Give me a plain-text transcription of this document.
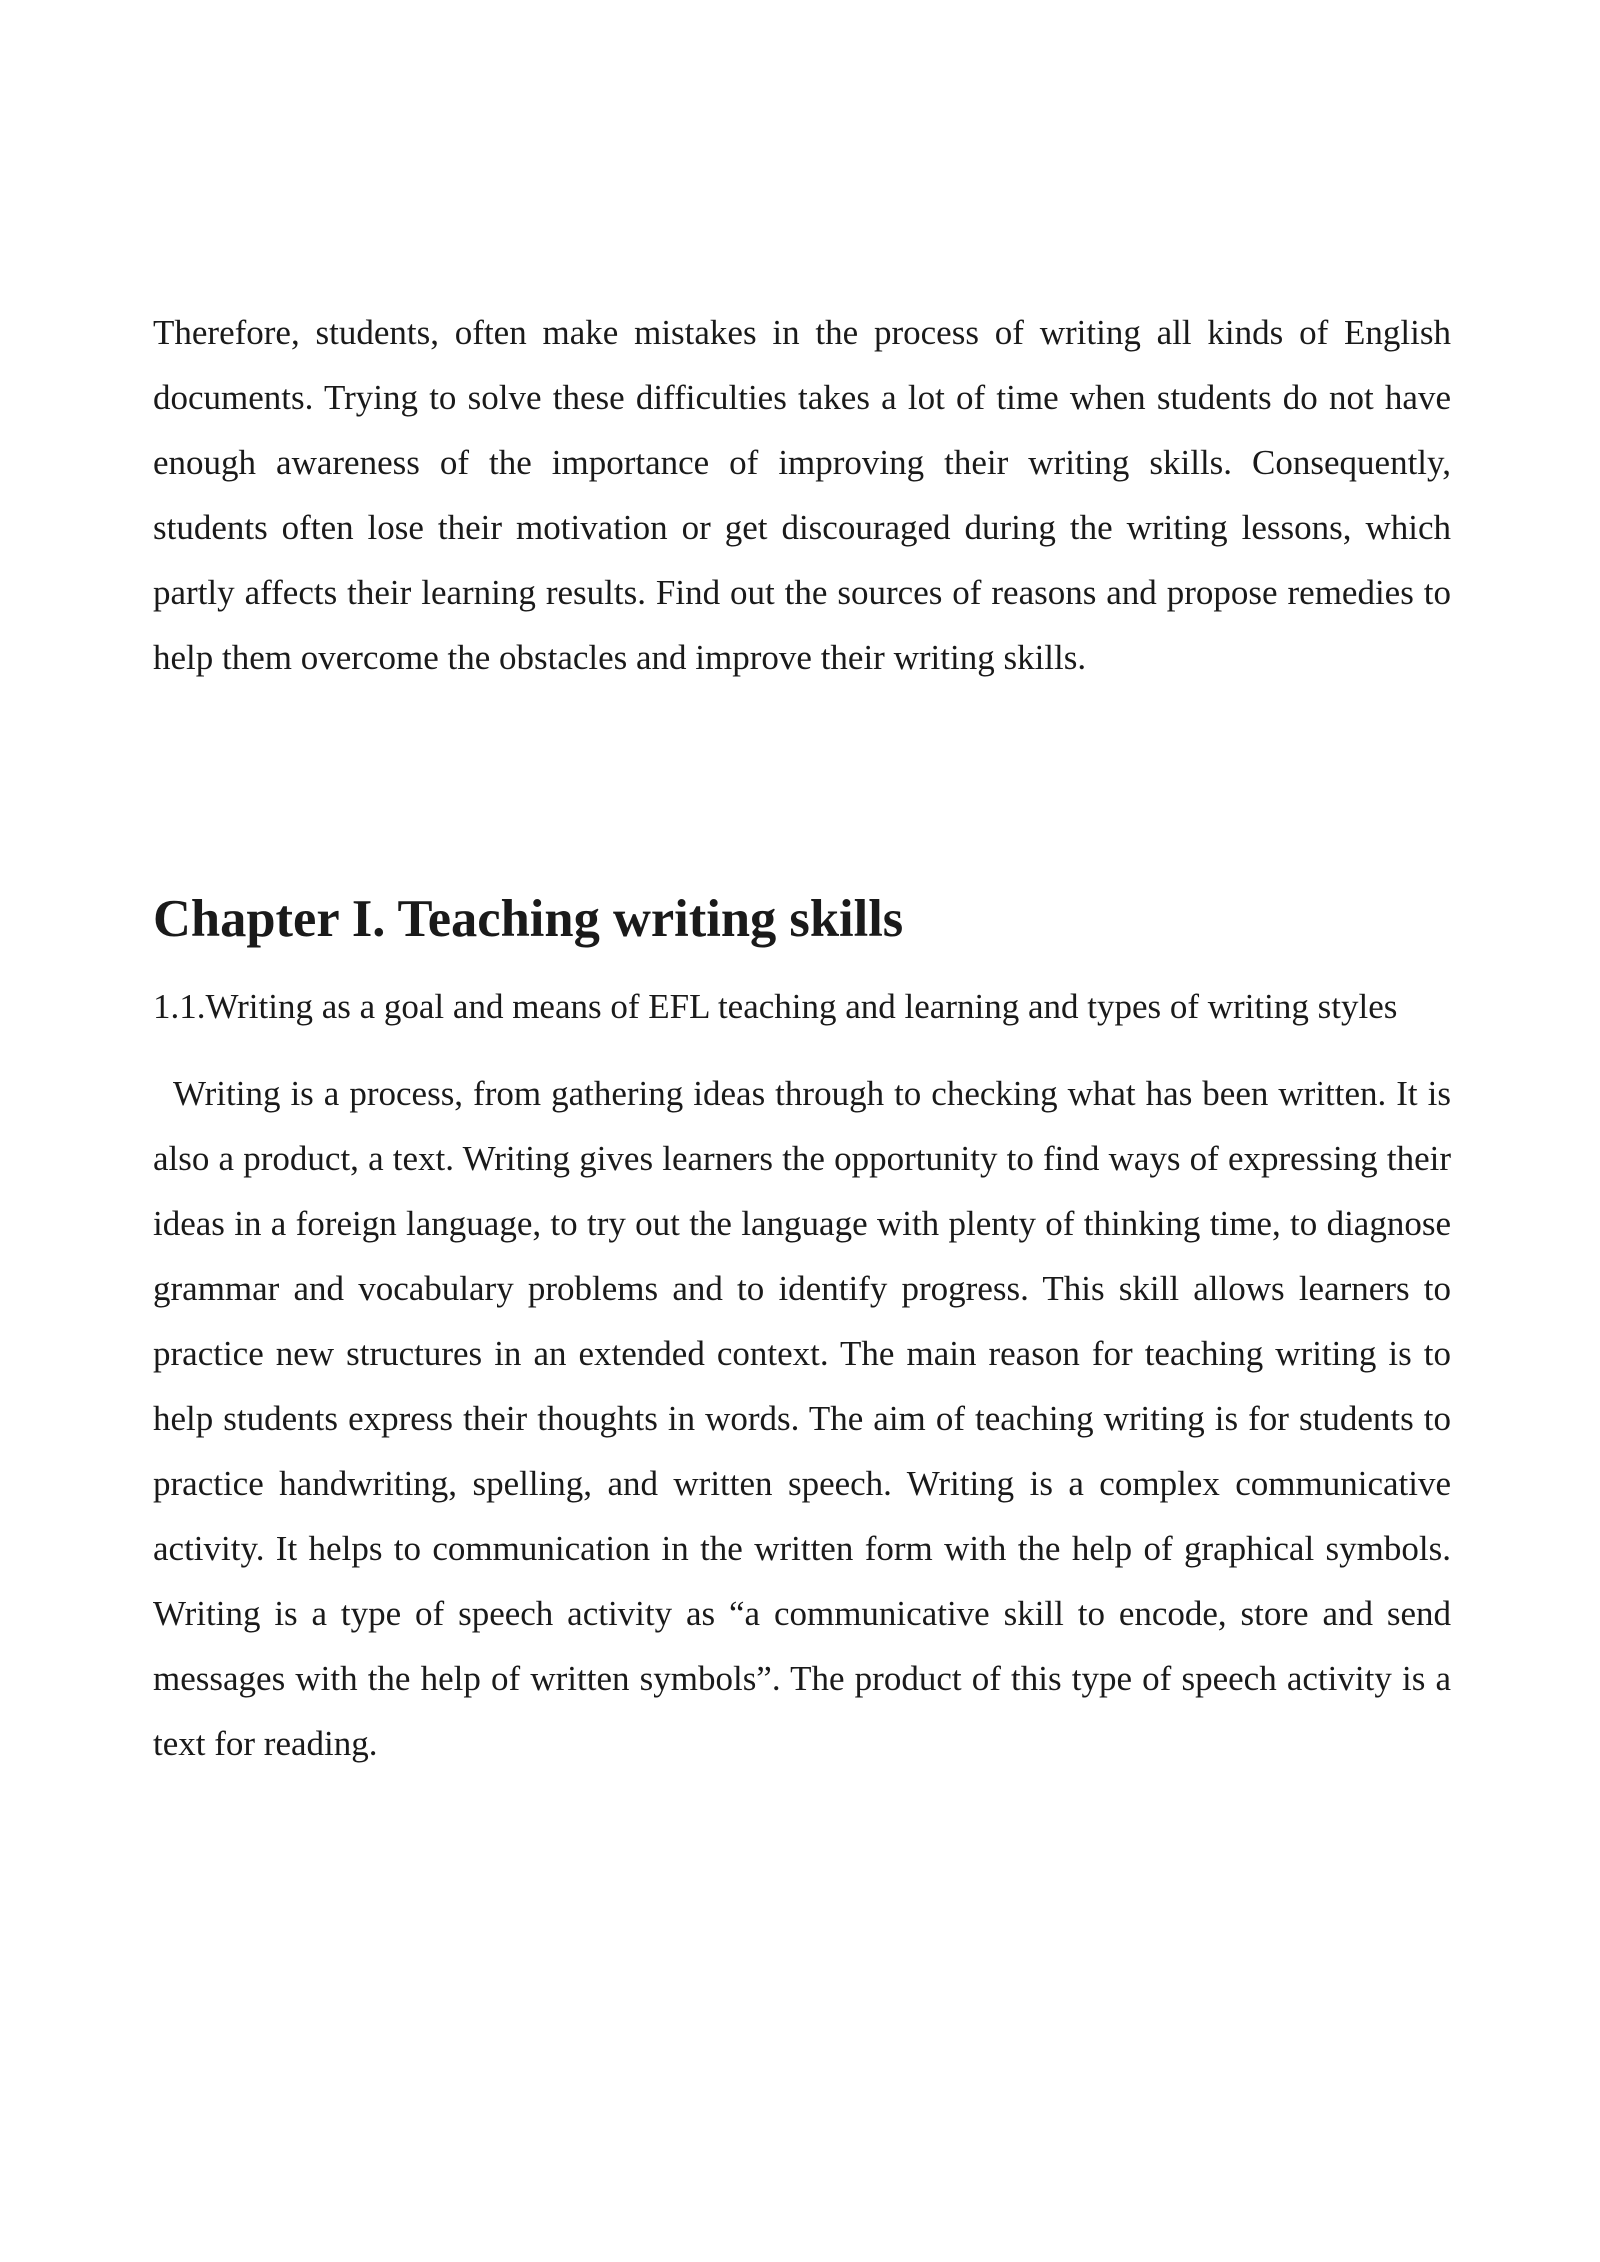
Therefore, students, often make mistakes in the process of writing all kinds of English documents. Trying to solve these difficulties takes a lot of time when students do not have enough awareness of the importance of improving their writing skills. Consequently, students often lose their motivation or get discouraged during the writing lessons, which partly affects their learning results. Find out the sources of reasons and propose remedies to help them overcome the obstacles and improve their writing skills.

Chapter I. Teaching writing skills

1.1.Writing as a goal and means of EFL teaching and learning and types of writing styles

Writing is a process, from gathering ideas through to checking what has been written. It is also a product, a text. Writing gives learners the opportunity to find ways of expressing their ideas in a foreign language, to try out the language with plenty of thinking time, to diagnose grammar and vocabulary problems and to identify progress. This skill allows learners to practice new structures in an extended context. The main reason for teaching writing is to help students express their thoughts in words. The aim of teaching writing is for students to practice handwriting, spelling, and written speech. Writing is a complex communicative activity. It helps to communication in the written form with the help of graphical symbols. Writing is a type of speech activity as “a communicative skill to encode, store and send messages with the help of written symbols”. The product of this type of speech activity is a text for reading.
